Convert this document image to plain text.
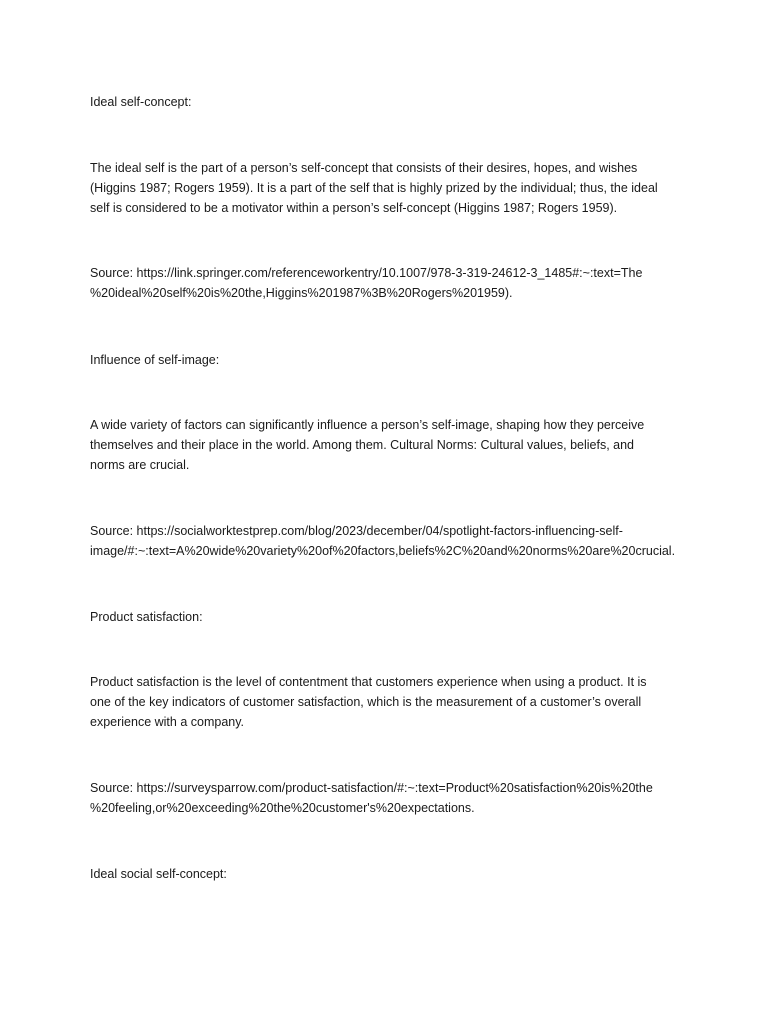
Ideal self-concept:

The ideal self is the part of a person’s self-concept that consists of their desires, hopes, and wishes
(Higgins 1987; Rogers 1959). It is a part of the self that is highly prized by the individual; thus, the ideal
self is considered to be a motivator within a person’s self-concept (Higgins 1987; Rogers 1959).

Source: https://link.springer.com/referenceworkentry/10.1007/978-3-319-24612-3_1485#:~:text=The
%20ideal%20self%20is%20the,Higgins%201987%3B%20Rogers%201959).

Influence of self-image:

A wide variety of factors can significantly influence a person’s self-image, shaping how they perceive
themselves and their place in the world. Among them. Cultural Norms: Cultural values, beliefs, and
norms are crucial.

Source: https://socialworktestprep.com/blog/2023/december/04/spotlight-factors-influencing-self-
image/#:~:text=A%20wide%20variety%20of%20factors,beliefs%2C%20and%20norms%20are%20crucial.

Product satisfaction:

Product satisfaction is the level of contentment that customers experience when using a product. It is
one of the key indicators of customer satisfaction, which is the measurement of a customer’s overall
experience with a company.

Source: https://surveysparrow.com/product-satisfaction/#:~:text=Product%20satisfaction%20is%20the
%20feeling,or%20exceeding%20the%20customer's%20expectations.

Ideal social self-concept:
